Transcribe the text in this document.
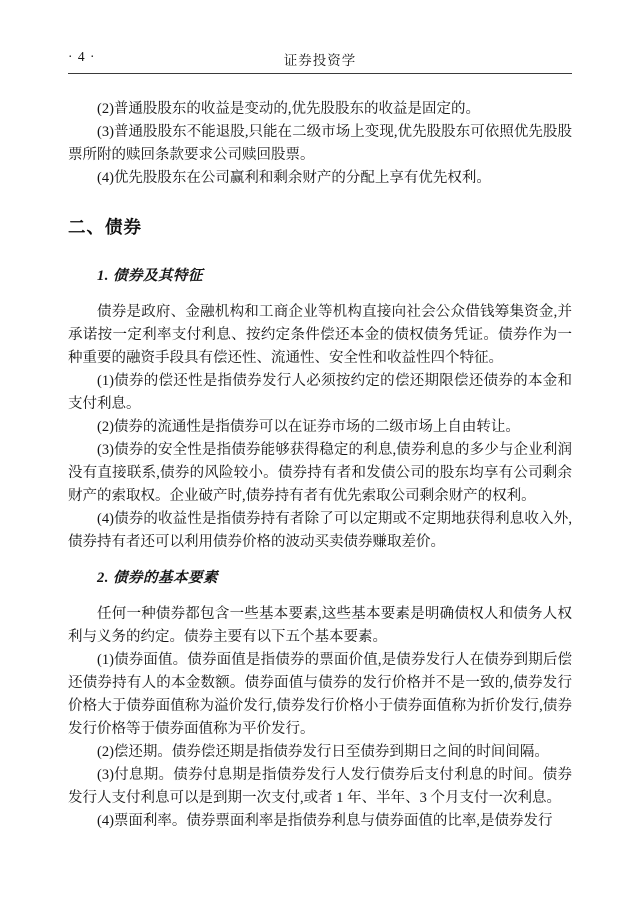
· 4 ·	证券投资学

(2)普通股股东的收益是变动的,优先股股东的收益是固定的。

(3)普通股股东不能退股,只能在二级市场上变现,优先股股东可依照优先股股票所附的赎回条款要求公司赎回股票。

(4)优先股股东在公司赢利和剩余财产的分配上享有优先权利。

二、债券
1. 债券及其特征

债券是政府、金融机构和工商企业等机构直接向社会公众借钱筹集资金,并承诺按一定利率支付利息、按约定条件偿还本金的债权债务凭证。债券作为一种重要的融资手段具有偿还性、流通性、安全性和收益性四个特征。

(1)债券的偿还性是指债券发行人必须按约定的偿还期限偿还债券的本金和支付利息。

(2)债券的流通性是指债券可以在证券市场的二级市场上自由转让。

(3)债券的安全性是指债券能够获得稳定的利息,债券利息的多少与企业利润没有直接联系,债券的风险较小。债券持有者和发债公司的股东均享有公司剩余财产的索取权。企业破产时,债券持有者有优先索取公司剩余财产的权利。

(4)债券的收益性是指债券持有者除了可以定期或不定期地获得利息收入外,债券持有者还可以利用债券价格的波动买卖债券赚取差价。

2. 债券的基本要素

任何一种债券都包含一些基本要素,这些基本要素是明确债权人和债务人权利与义务的约定。债券主要有以下五个基本要素。

(1)债券面值。债券面值是指债券的票面价值,是债券发行人在债券到期后偿还债券持有人的本金数额。债券面值与债券的发行价格并不是一致的,债券发行价格大于债券面值称为溢价发行,债券发行价格小于债券面值称为折价发行,债券发行价格等于债券面值称为平价发行。

(2)偿还期。债券偿还期是指债券发行日至债券到期日之间的时间间隔。

(3)付息期。债券付息期是指债券发行人发行债券后支付利息的时间。债券发行人支付利息可以是到期一次支付,或者 1 年、半年、3 个月支付一次利息。

(4)票面利率。债券票面利率是指债券利息与债券面值的比率,是债券发行
